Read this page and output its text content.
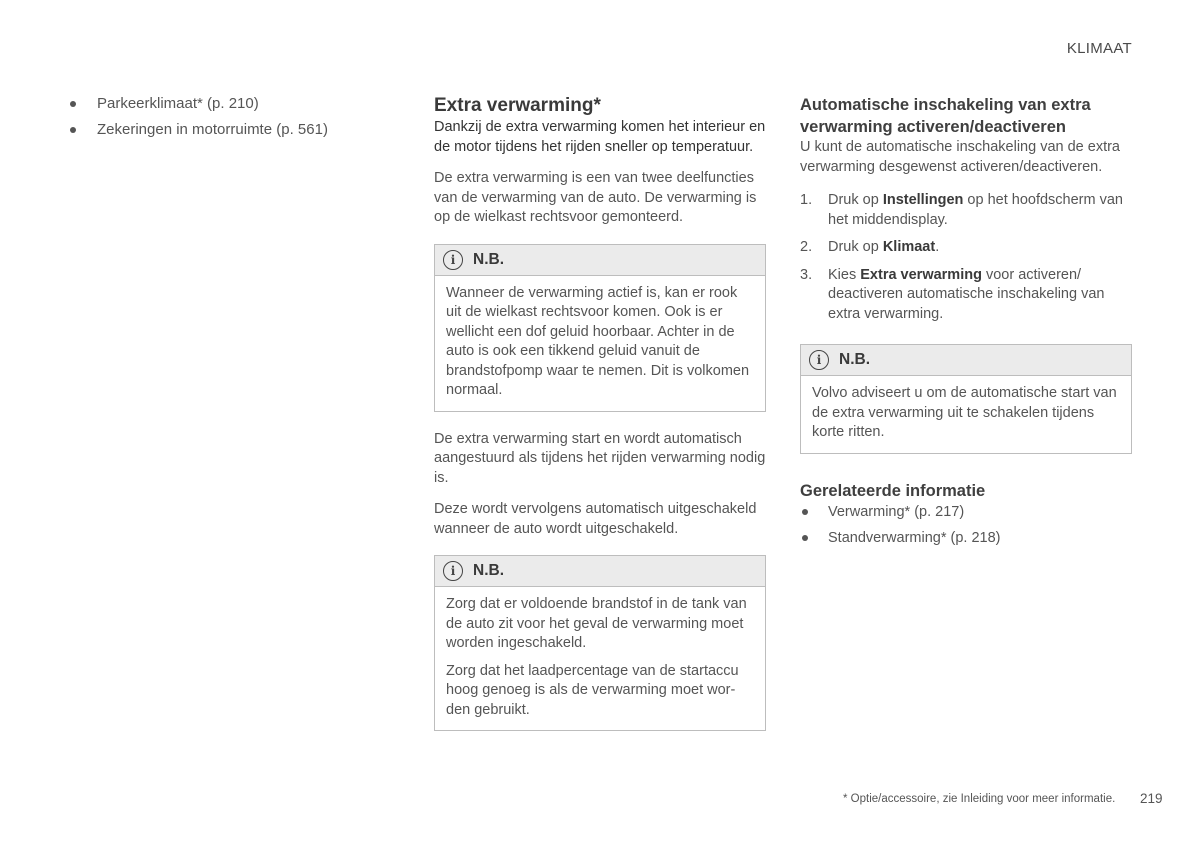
KLIMAAT
Parkeerklimaat* (p. 210)
Zekeringen in motorruimte (p. 561)
Extra verwarming*

Dankzij de extra verwarming komen het interieur en de motor tijdens het rijden sneller op temperatuur.

De extra verwarming is een van twee deelfuncties van de verwarming van de auto. De verwarming is op de wielkast rechtsvoor gemonteerd.

i	N.B.

Wanneer de verwarming actief is, kan er rook uit de wielkast rechtsvoor komen. Ook is er wellicht een dof geluid hoorbaar. Achter in de auto is ook een tikkend geluid vanuit de brandstofpomp waar te nemen. Dit is volkomen normaal.

De extra verwarming start en wordt automatisch aangestuurd als tijdens het rijden verwarming nodig is.

Deze wordt vervolgens automatisch uitgeschakeld wanneer de auto wordt uitgeschakeld.

i	N.B.

Zorg dat er voldoende brandstof in de tank van de auto zit voor het geval de verwarming moet worden ingeschakeld.

Zorg dat het laadpercentage van de startaccu hoog genoeg is als de verwarming moet worden gebruikt.

Automatische inschakeling van extra verwarming activeren/deactiveren

U kunt de automatische inschakeling van de extra verwarming desgewenst activeren/deactiveren.

1. Druk op Instellingen op het hoofdscherm van het middendisplay.
2. Druk op Klimaat.
3. Kies Extra verwarming voor activeren/ deactiveren automatische inschakeling van extra verwarming.
i	N.B.

Volvo adviseert u om de automatische start van de extra verwarming uit te schakelen tijdens korte ritten.

Gerelateerde informatie
Verwarming* (p. 217)
Standverwarming* (p. 218)
* Optie/accessoire, zie Inleiding voor meer informatie. 219
